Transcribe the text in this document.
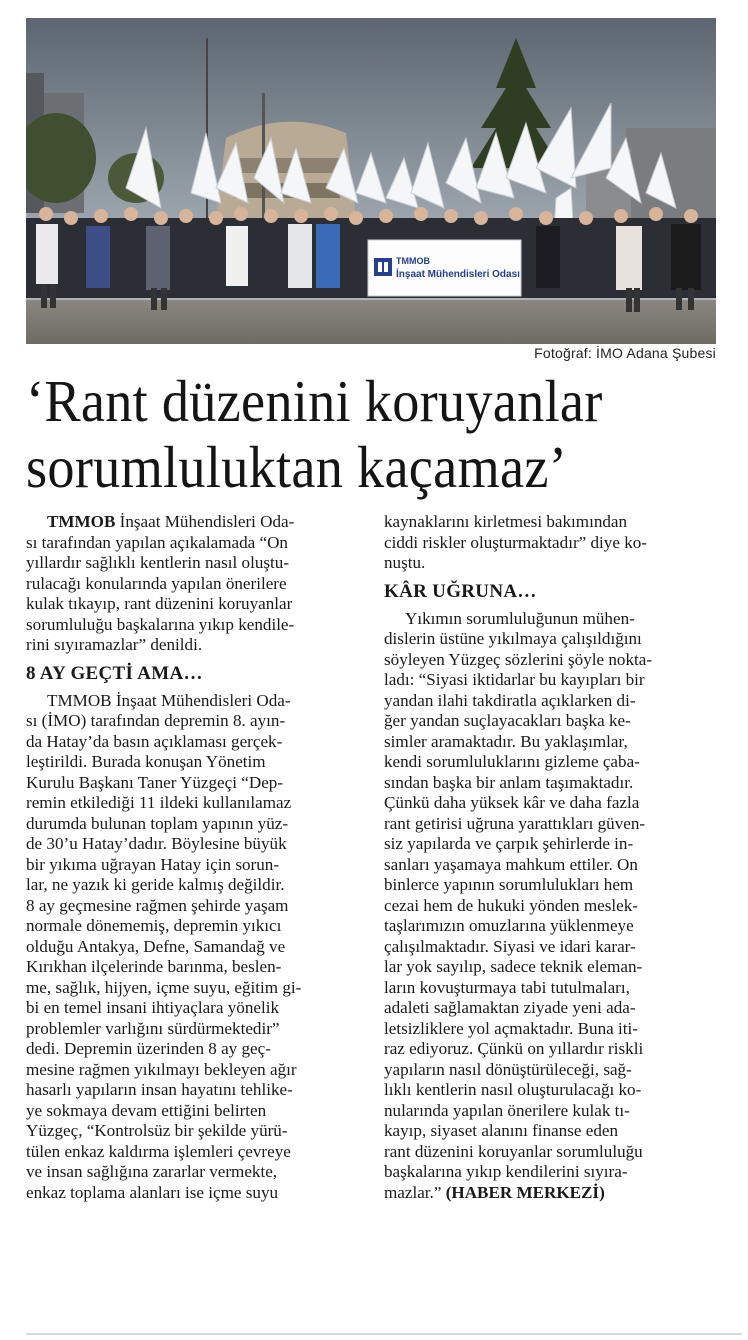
TMMOB
İnşaat Mühendisleri Odası
Fotoğraf: İMO Adana Şubesi
‘Rant düzenini koruyanlar
sorumluluktan kaçamaz’

TMMOB İnşaat Mühendisleri Oda-

sı tarafından yapılan açıkalamada “On

yıllardır sağlıklı kentlerin nasıl oluştu-

rulacağı konularında yapılan önerilere

kulak tıkayıp, rant düzenini koruyanlar

sorumluluğu başkalarına yıkıp kendile-

rini sıyıramazlar” denildi.

8 AY GEÇTİ AMA…

TMMOB İnşaat Mühendisleri Oda-

sı (İMO) tarafından depremin 8. ayın-

da Hatay’da basın açıklaması gerçek-

leştirildi. Burada konuşan Yönetim

Kurulu Başkanı Taner Yüzgeçi “Dep-

remin etkilediği 11 ildeki kullanılamaz

durumda bulunan toplam yapının yüz-

de 30’u Hatay’dadır. Böylesine büyük

bir yıkıma uğrayan Hatay için sorun-

lar, ne yazık ki geride kalmış değildir.

8 ay geçmesine rağmen şehirde yaşam

normale dönememiş, depremin yıkıcı

olduğu Antakya, Defne, Samandağ ve

Kırıkhan ilçelerinde barınma, beslen-

me, sağlık, hijyen, içme suyu, eğitim gi-

bi en temel insani ihtiyaçlara yönelik

problemler varlığını sürdürmektedir”

dedi. Depremin üzerinden 8 ay geç-

mesine rağmen yıkılmayı bekleyen ağır

hasarlı yapıların insan hayatını tehlike-

ye sokmaya devam ettiğini belirten

Yüzgeç, “Kontrolsüz bir şekilde yürü-

tülen enkaz kaldırma işlemleri çevreye

ve insan sağlığına zararlar vermekte,

enkaz toplama alanları ise içme suyu

kaynaklarını kirletmesi bakımından

ciddi riskler oluşturmaktadır” diye ko-

nuştu.

KÂR UĞRUNA…

Yıkımın sorumluluğunun mühen-

dislerin üstüne yıkılmaya çalışıldığını

söyleyen Yüzgeç sözlerini şöyle nokta-

ladı: “Siyasi iktidarlar bu kayıpları bir

yandan ilahi takdiratla açıklarken di-

ğer yandan suçlayacakları başka ke-

simler aramaktadır. Bu yaklaşımlar,

kendi sorumluluklarını gizleme çaba-

sından başka bir anlam taşımaktadır.

Çünkü daha yüksek kâr ve daha fazla

rant getirisi uğruna yarattıkları güven-

siz yapılarda ve çarpık şehirlerde in-

sanları yaşamaya mahkum ettiler. On

binlerce yapının sorumlulukları hem

cezai hem de hukuki yönden meslek-

taşlarımızın omuzlarına yüklenmeye

çalışılmaktadır. Siyasi ve idari karar-

lar yok sayılıp, sadece teknik eleman-

ların kovuşturmaya tabi tutulmaları,

adaleti sağlamaktan ziyade yeni ada-

letsizliklere yol açmaktadır. Buna iti-

raz ediyoruz. Çünkü on yıllardır riskli

yapıların nasıl dönüştürüleceği, sağ-

lıklı kentlerin nasıl oluşturulacağı ko-

nularında yapılan önerilere kulak tı-

kayıp, siyaset alanını finanse eden

rant düzenini koruyanlar sorumluluğu

başkalarına yıkıp kendilerini sıyıra-

mazlar.” (HABER MERKEZİ)
